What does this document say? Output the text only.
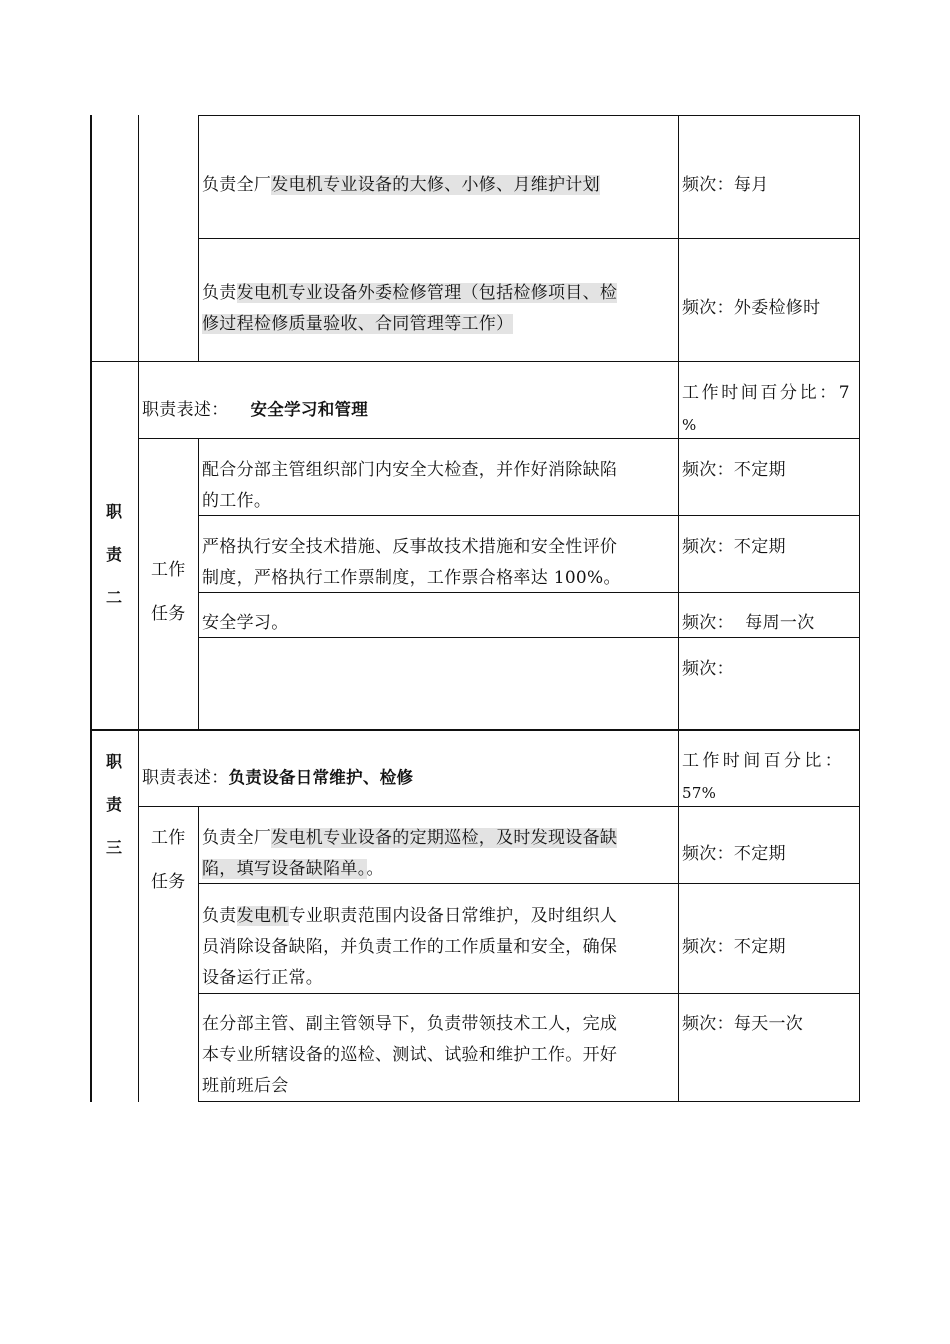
负责全厂发电机专业设备的大修、小修、月维护计划	频次：每月
负责发电机专业设备外委检修管理（包括检修项目、检
修过程检修质量验收、合同管理等工作）
频次：外委检修时
职
责
二
职责表述： 安全学习和管理
工作时间百分比：7
%
工作
任务
配合分部主管组织部门内安全大检查，并作好消除缺陷
的工作。
频次：不定期
严格执行安全技术措施、反事故技术措施和安全性评价
制度，严格执行工作票制度，工作票合格率达 100%。
频次：不定期
安全学习。	频次：  每周一次
频次：
职
责
三
职责表述：负责设备日常维护、检修
工作时间百分比：
57%
工作
任务
负责全厂发电机专业设备的定期巡检，及时发现设备缺
陷，填写设备缺陷单。。
频次：不定期
负责发电机专业职责范围内设备日常维护，及时组织人
员消除设备缺陷，并负责工作的工作质量和安全，确保
设备运行正常。
频次：不定期
在分部主管、副主管领导下，负责带领技术工人，完成
本专业所辖设备的巡检、测试、试验和维护工作。开好
班前班后会
频次：每天一次
